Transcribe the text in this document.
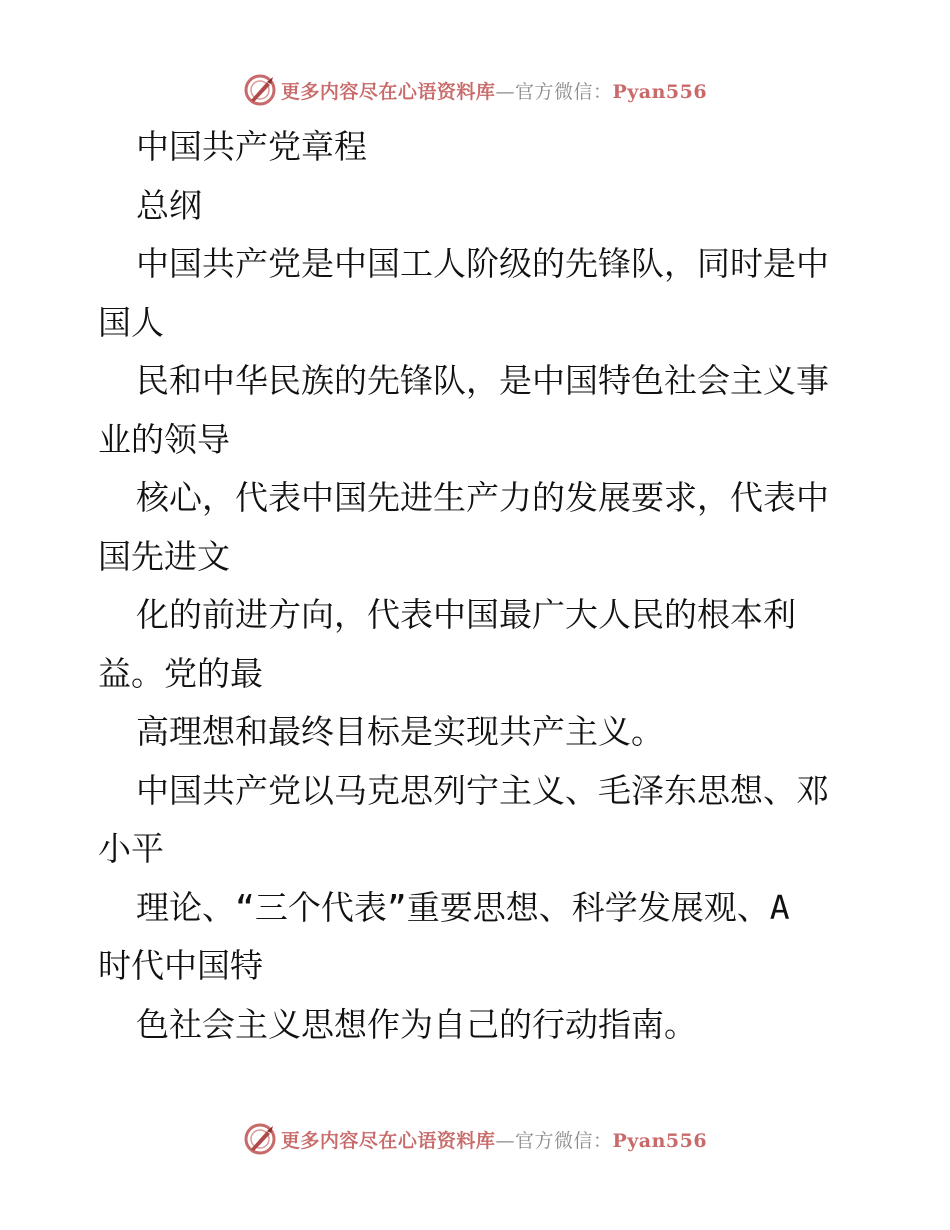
更多内容尽在心语资料库—官方微信：Pyan556
中国共产党章程
总纲
中国共产党是中国工人阶级的先锋队，同时是中
国人
民和中华民族的先锋队，是中国特色社会主义事
业的领导
核心，代表中国先进生产力的发展要求，代表中
国先进文
化的前进方向，代表中国最广大人民的根本利
益。党的最
高理想和最终目标是实现共产主义。
中国共产党以马克思列宁主义、毛泽东思想、邓
小平
理论、“三个代表”重要思想、科学发展观、A
时代中国特
色社会主义思想作为自己的行动指南。
更多内容尽在心语资料库—官方微信：Pyan556
